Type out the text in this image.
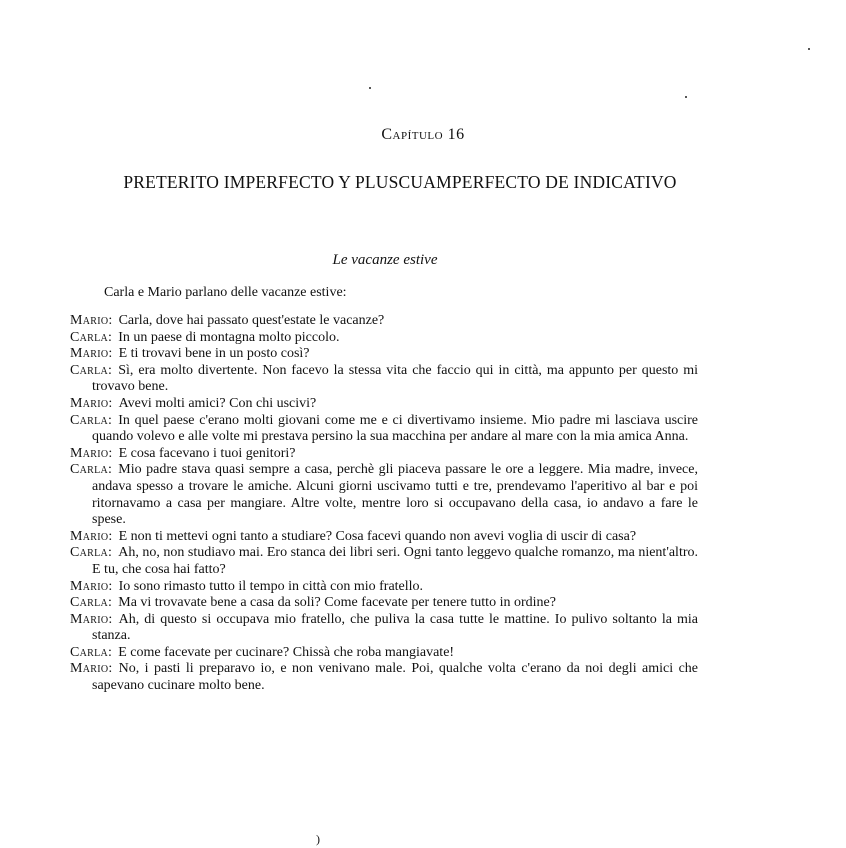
Capítulo 16
PRETERITO IMPERFECTO Y PLUSCUAMPERFECTO DE INDICATIVO
Le vacanze estive
Carla e Mario parlano delle vacanze estive:
Mario: Carla, dove hai passato quest'estate le vacanze?
Carla: In un paese di montagna molto piccolo.
Mario: E ti trovavi bene in un posto così?
Carla: Sì, era molto divertente. Non facevo la stessa vita che faccio qui in città, ma appunto per questo mi trovavo bene.
Mario: Avevi molti amici? Con chi uscivi?
Carla: In quel paese c'erano molti giovani come me e ci divertivamo insieme. Mio padre mi lasciava uscire quando volevo e alle volte mi prestava persino la sua macchina per andare al mare con la mia amica Anna.
Mario: E cosa facevano i tuoi genitori?
Carla: Mio padre stava quasi sempre a casa, perchè gli piaceva passare le ore a leggere. Mia madre, invece, andava spesso a trovare le amiche. Alcuni giorni uscivamo tutti e tre, prendevamo l'aperitivo al bar e poi ritornavamo a casa per mangiare. Altre volte, mentre loro si occupavano della casa, io andavo a fare le spese.
Mario: E non ti mettevi ogni tanto a studiare? Cosa facevi quando non avevi voglia di uscir di casa?
Carla: Ah, no, non studiavo mai. Ero stanca dei libri seri. Ogni tanto leggevo qualche romanzo, ma nient'altro. E tu, che cosa hai fatto?
Mario: Io sono rimasto tutto il tempo in città con mio fratello.
Carla: Ma vi trovavate bene a casa da soli? Come facevate per tenere tutto in ordine?
Mario: Ah, di questo si occupava mio fratello, che puliva la casa tutte le mattine. Io pulivo soltanto la mia stanza.
Carla: E come facevate per cucinare? Chissà che roba mangiavate!
Mario: No, i pasti li preparavo io, e non venivano male. Poi, qualche volta c'erano da noi degli amici che sapevano cucinare molto bene.
)
